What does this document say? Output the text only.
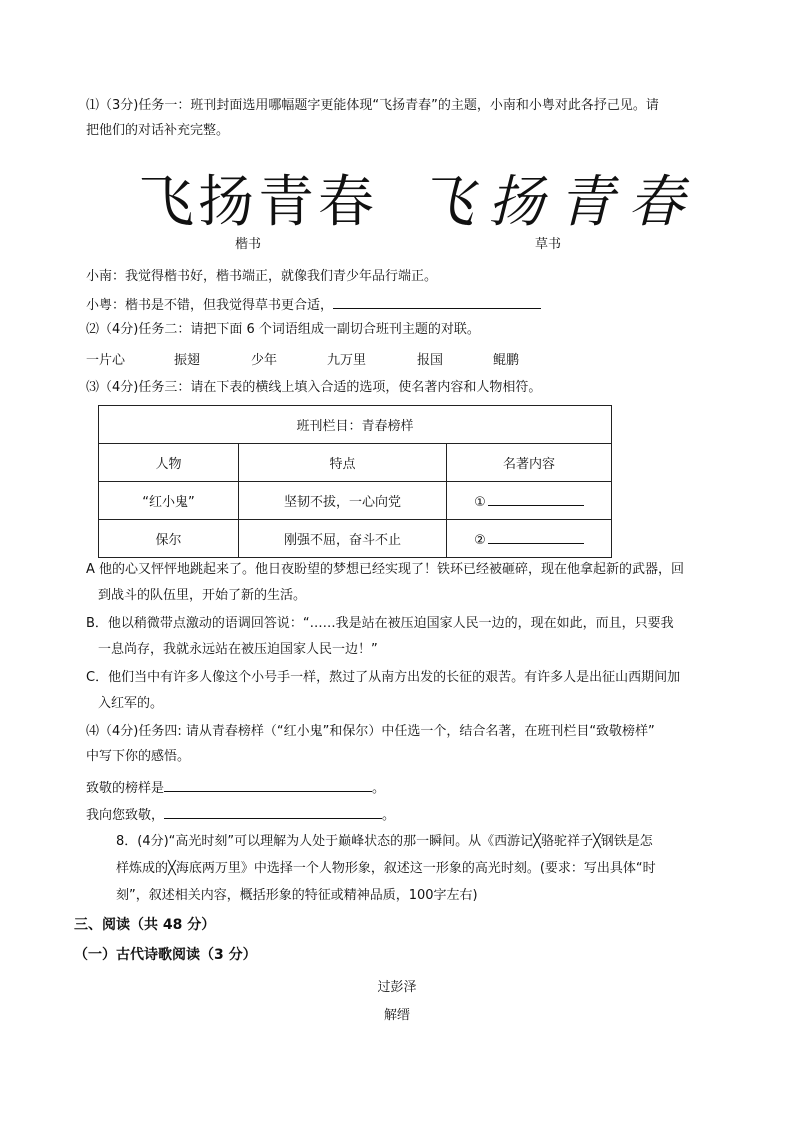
⑴（3分)任务一：班刊封面选用哪幅题字更能体现“飞扬青春”的主题，小南和小粤对此各抒己见。请
把他们的对话补充完整。
飞扬青春 飞扬青春
楷书	草书
小南：我觉得楷书好，楷书端正，就像我们青少年品行端正。
小粤：楷书是不错，但我觉得草书更合适，
⑵（4分)任务二：请把下面 6 个词语组成一副切合班刊主题的对联。
一片心	振翅	少年	九万里	报国	鲲鹏
⑶（4分)任务三：请在下表的横线上填入合适的选项，使名著内容和人物相符。
班刊栏目：青春榜样		
人物	特点	名著内容
“红小鬼”	坚韧不拔，一心向党	①
保尔	刚强不屈，奋斗不止	②
A 他的心又怦怦地跳起来了。他日夜盼望的梦想已经实现了！铁环已经被砸碎，现在他拿起新的武器，回
到战斗的队伍里，开始了新的生活。
B．他以稍微带点激动的语调回答说：“……我是站在被压迫国家人民一边的，现在如此，而且，只要我
一息尚存，我就永远站在被压迫国家人民一边！”
C．他们当中有许多人像这个小号手一样，熬过了从南方出发的长征的艰苦。有许多人是出征山西期间加
入红军的。
⑷（4分)任务四: 请从青春榜样（“红小鬼”和保尔）中任选一个，结合名著，在班刊栏目“致敬榜样”
中写下你的感悟。
致敬的榜样是	。
我向您致敬，	。
8．(4分)“高光时刻”可以理解为人处于巅峰状态的那一瞬间。从《西游记╳骆驼祥子╳钢铁是怎
样炼成的╳海底两万里》中选择一个人物形象，叙述这一形象的高光时刻。(要求：写出具体“时
刻”，叙述相关内容，概括形象的特征或精神品质，100字左右)
三、阅读（共 48 分）
（一）古代诗歌阅读（3 分）
过彭泽
解缙
